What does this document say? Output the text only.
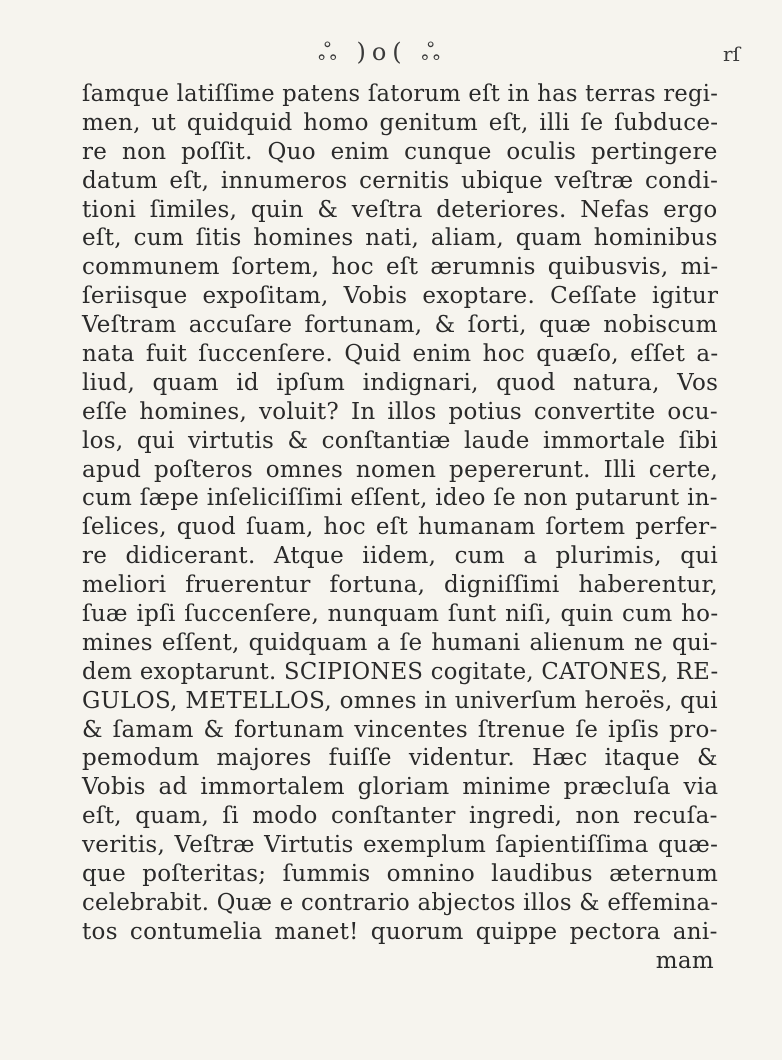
ஃ )o( ஃ	rſ
ſamque latiſſime patens ſatorum eſt in has terras regi-
men, ut quidquid homo genitum eſt, illi ſe ſubduce-
re non poſſit. Quo enim cunque oculis pertingere
datum eſt, innumeros cernitis ubique veſtræ condi-
tioni ſimiles, quin & veſtra deteriores. Nefas ergo
eſt, cum ſitis homines nati, aliam, quam hominibus
communem ſortem, hoc eſt ærumnis quibusvis, mi-
ſeriisque expoſitam, Vobis exoptare. Ceſſate igitur
Veſtram accuſare fortunam, & ſorti, quæ nobiscum
nata fuit ſuccenſere. Quid enim hoc quæſo, eſſet a-
liud, quam id ipſum indignari, quod natura, Vos
eſſe homines, voluit? In illos potius convertite ocu-
los, qui virtutis & conſtantiæ laude immortale ſibi
apud poſteros omnes nomen pepererunt. Illi certe,
cum ſæpe inſeliciſſimi eſſent, ideo ſe non putarunt in-
ſelices, quod ſuam, hoc eſt humanam ſortem perfer-
re didicerant. Atque iidem, cum a plurimis, qui
meliori fruerentur fortuna, digniſſimi haberentur,
ſuæ ipſi ſuccenſere, nunquam ſunt niſi, quin cum ho-
mines eſſent, quidquam a ſe humani alienum ne qui-
dem exoptarunt. SCIPIONES cogitate, CATONES, RE-
GULOS, METELLOS, omnes in univerſum heroës, qui
& ſamam & fortunam vincentes ſtrenue ſe ipſis pro-
pemodum majores fuiſſe videntur. Hæc itaque &
Vobis ad immortalem gloriam minime præcluſa via
eſt, quam, ſi modo conſtanter ingredi, non recuſa-
veritis, Veſtræ Virtutis exemplum ſapientiſſima quæ-
que poſteritas; ſummis omnino laudibus æternum
celebrabit. Quæ e contrario abjectos illos & effemina-
tos contumelia manet! quorum quippe pectora ani-
mam
